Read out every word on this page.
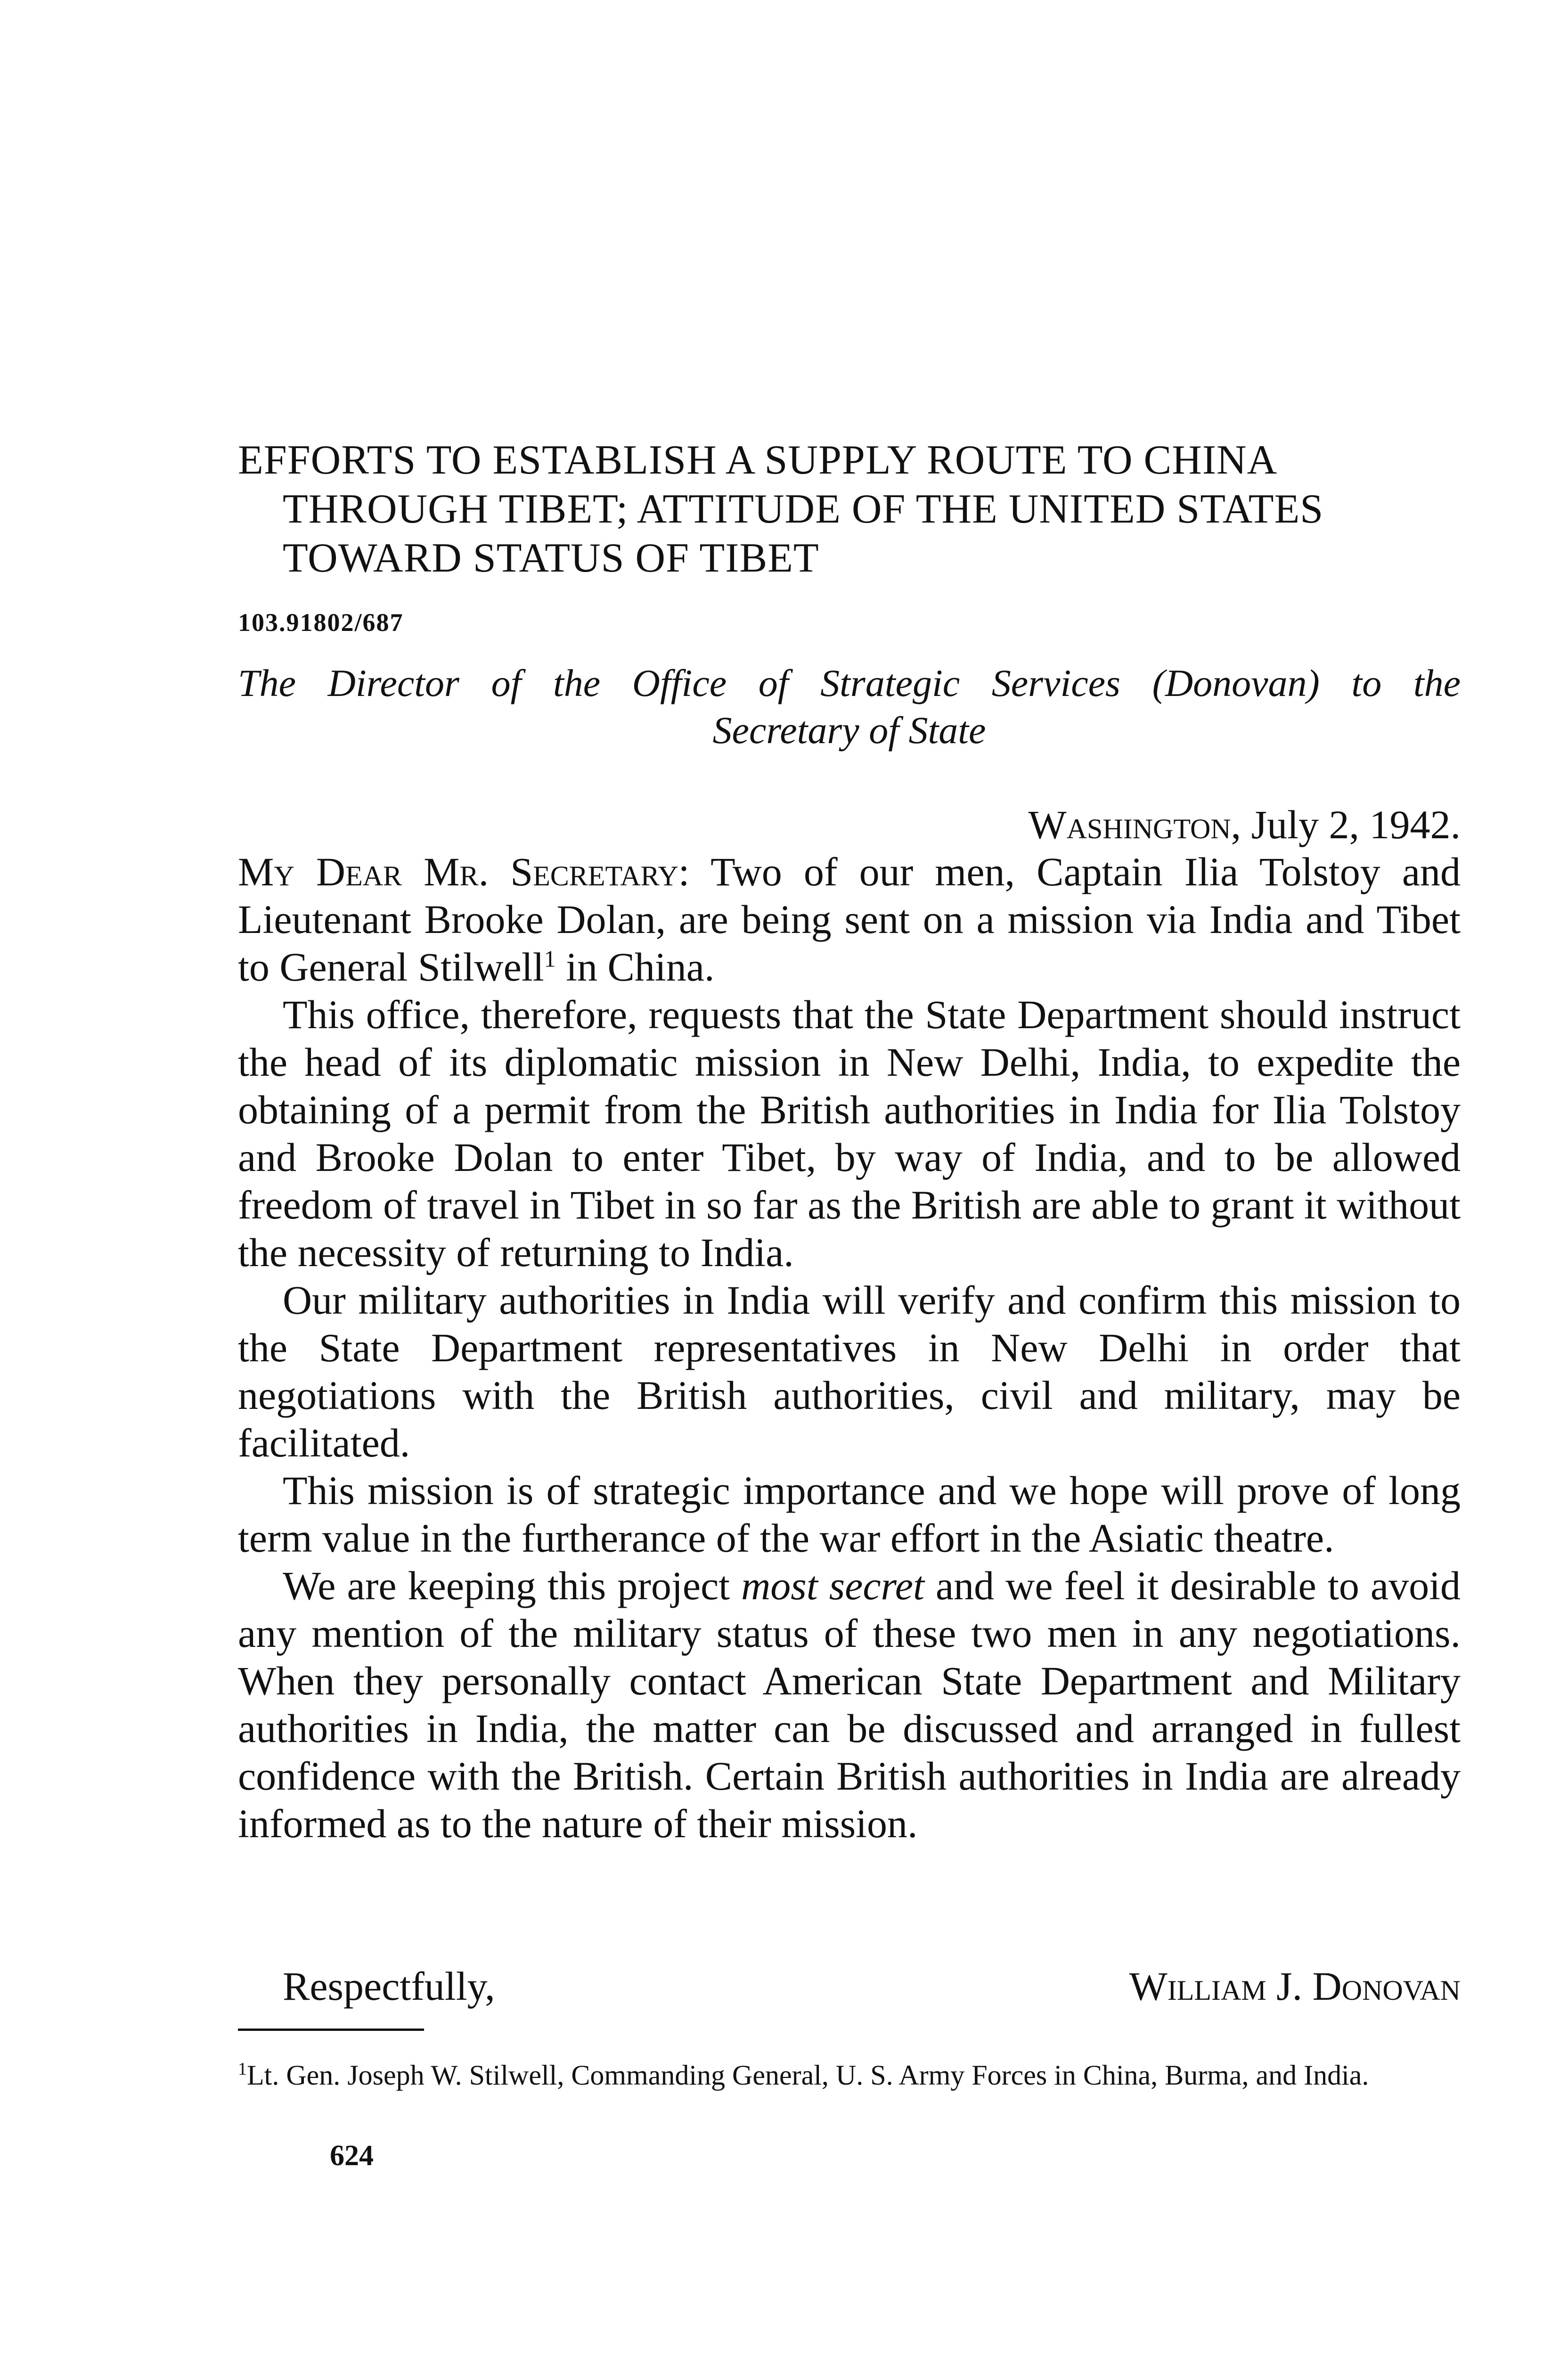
EFFORTS TO ESTABLISH A SUPPLY ROUTE TO CHINA
THROUGH TIBET; ATTITUDE OF THE UNITED STATES
TOWARD STATUS OF TIBET
103.91802/687
The Director of the Office of Strategic Services (Donovan) to the
Secretary of State
Washington, July 2, 1942.

My Dear Mr. Secretary: Two of our men, Captain Ilia Tolstoy and Lieutenant Brooke Dolan, are being sent on a mission via India and Tibet to General Stilwell$^1$ in China.

This office, therefore, requests that the State Department should instruct the head of its diplomatic mission in New Delhi, India, to expedite the obtaining of a permit from the British authorities in India for Ilia Tolstoy and Brooke Dolan to enter Tibet, by way of India, and to be allowed freedom of travel in Tibet in so far as the British are able to grant it without the necessity of returning to India.

Our military authorities in India will verify and confirm this mission to the State Department representatives in New Delhi in order that negotiations with the British authorities, civil and military, may be facilitated.

This mission is of strategic importance and we hope will prove of long term value in the furtherance of the war effort in the Asiatic theatre.

We are keeping this project most secret and we feel it desirable to avoid any mention of the military status of these two men in any negotiations. When they personally contact American State Department and Military authorities in India, the matter can be discussed and arranged in fullest confidence with the British. Certain British authorities in India are already informed as to the nature of their mission.

Respectfully,	William J. Donovan
$^1$Lt. Gen. Joseph W. Stilwell, Commanding General, U. S. Army Forces in China, Burma, and India.
624
